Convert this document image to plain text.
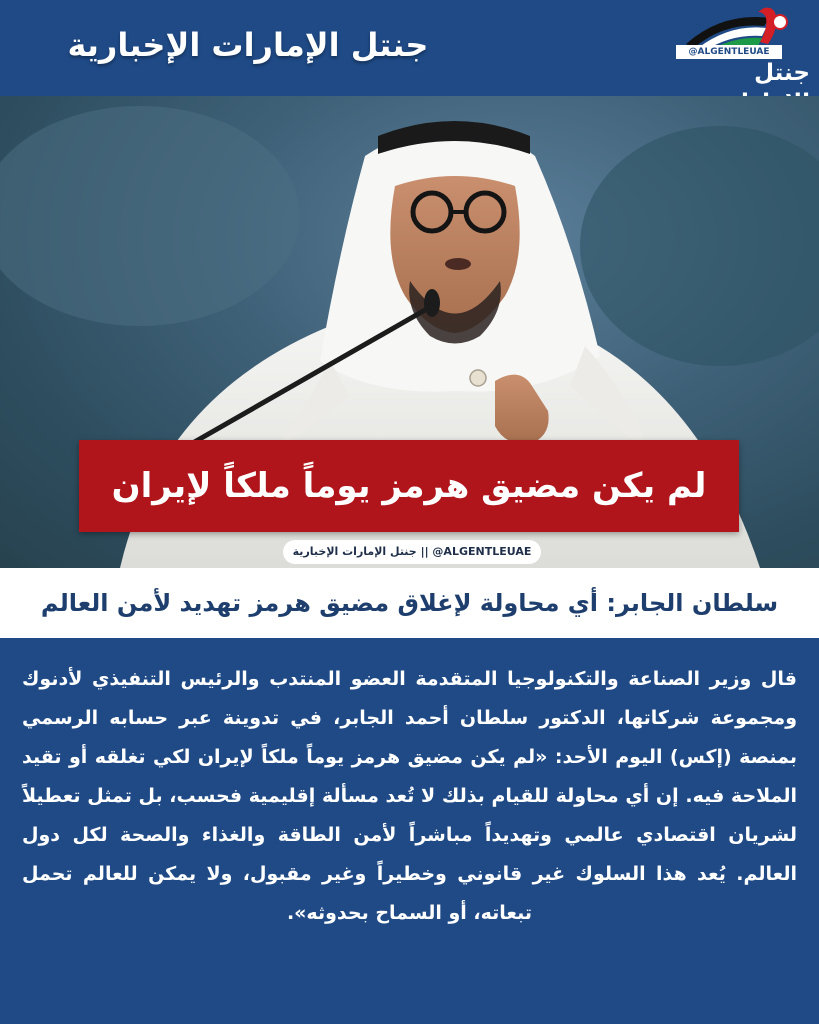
جنتل الإمارات الإخبارية	@ALGENTLEUAE
جنتل
لم يكن مضيق هرمز يوماً ملكاً لإيران
جنتل الإمارات الإخبارية || @ALGENTLEUAE
سلطان الجابر: أي محاولة لإغلاق مضيق هرمز تهديد لأمن العالم
قال وزير الصناعة والتكنولوجيا المتقدمة العضو المنتدب والرئيس التنفيذي لأدنوك ومجموعة شركاتها، الدكتور سلطان أحمد الجابر، في تدوينة عبر حسابه الرسمي بمنصة (إكس) اليوم الأحد: «لم يكن مضيق هرمز يوماً ملكاً لإيران لكي تغلقه أو تقيد الملاحة فيه. إن أي محاولة للقيام بذلك لا تُعد مسألة إقليمية فحسب، بل تمثل تعطيلاً لشريان اقتصادي عالمي وتهديداً مباشراً لأمن الطاقة والغذاء والصحة لكل دول العالم. يُعد هذا السلوك غير قانوني وخطيراً وغير مقبول، ولا يمكن للعالم تحمل تبعاته، أو السماح بحدوثه».
